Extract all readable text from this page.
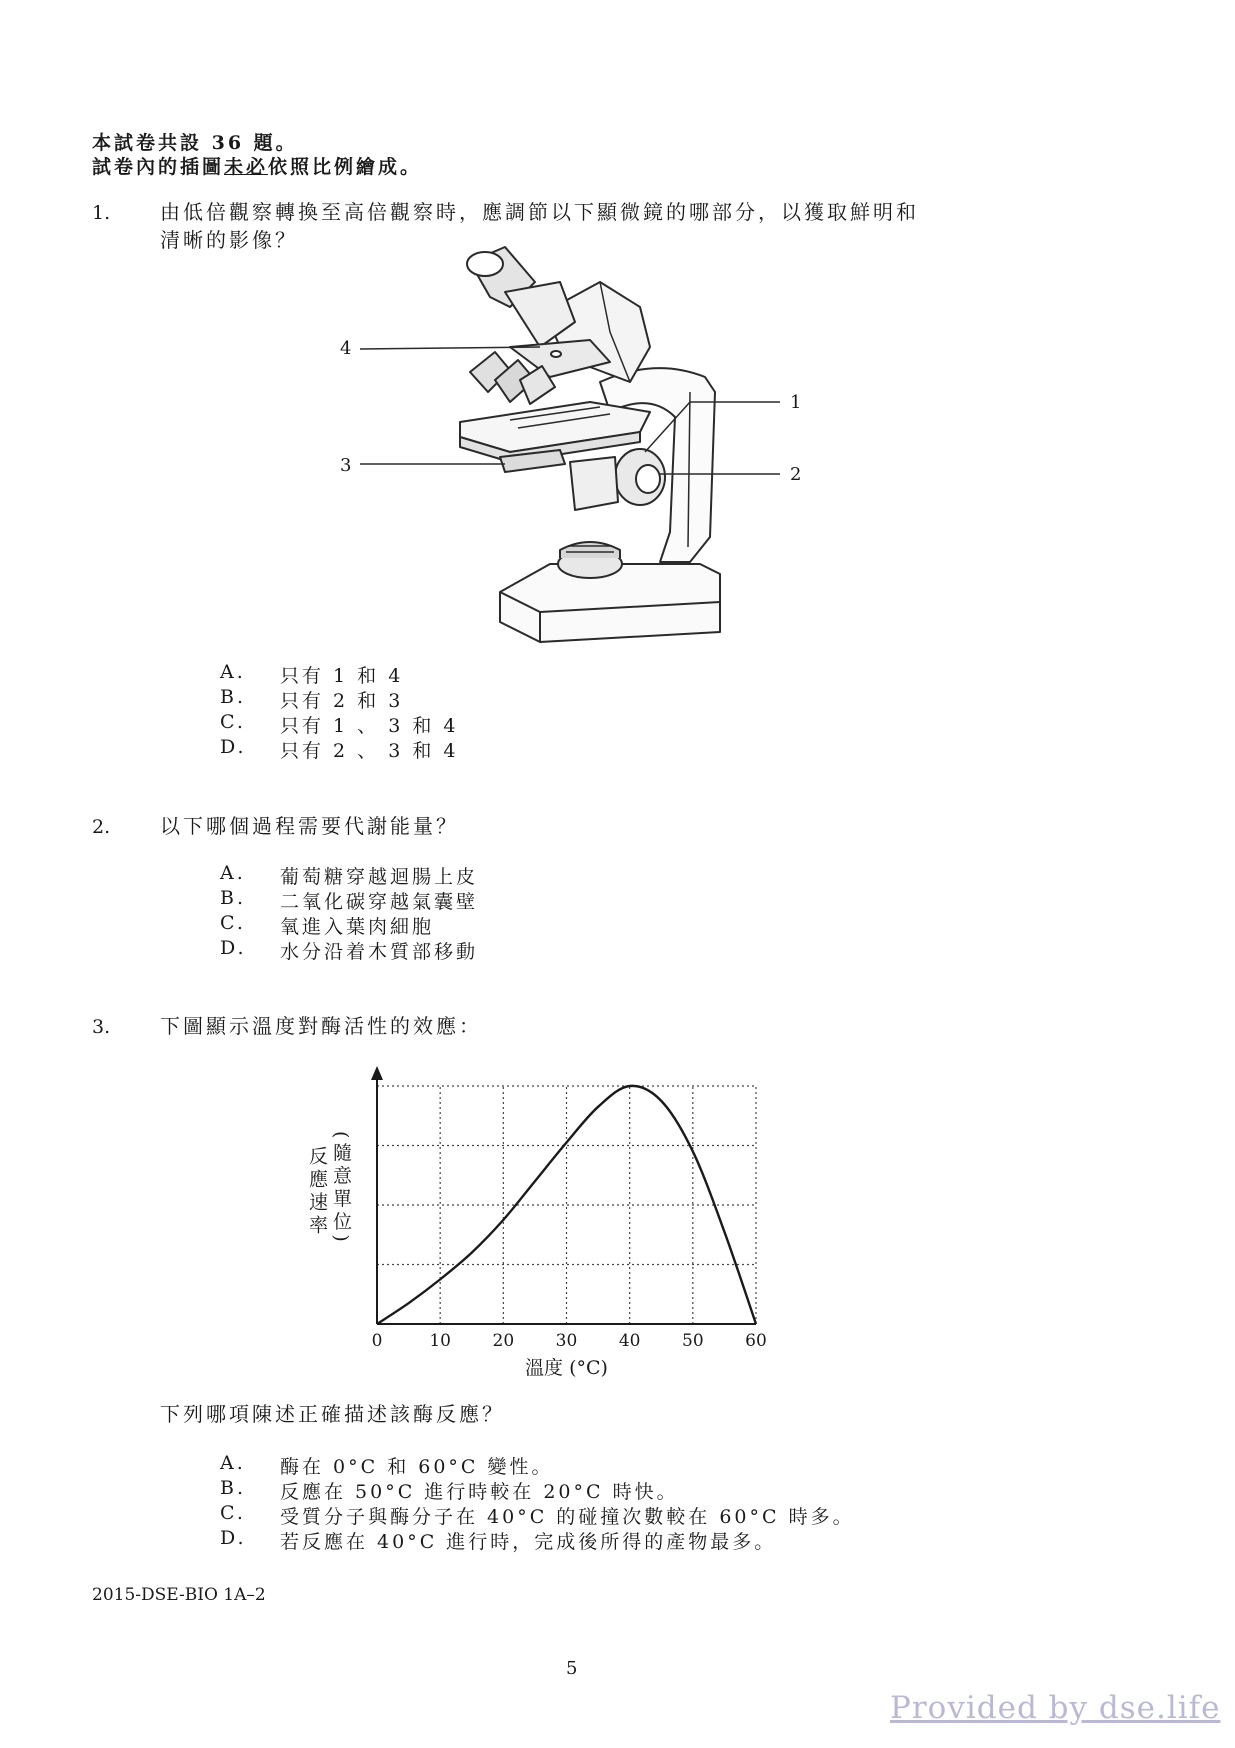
本試卷共設 36 題。
試卷內的插圖未必依照比例繪成。
1. 由低倍觀察轉換至高倍觀察時，應調節以下顯微鏡的哪部分，以獲取鮮明和
清晰的影像？
4
3
1
2
A. 只有 1 和 4
B. 只有 2 和 3
C. 只有 1 、 3 和 4
D. 只有 2 、 3 和 4
2. 以下哪個過程需要代謝能量？
A. 葡萄糖穿越迴腸上皮
B. 二氧化碳穿越氣囊壁
C. 氧進入葉肉細胞
D. 水分沿着木質部移動
3. 下圖顯示溫度對酶活性的效應：
0	10 20 30 40 50 60
溫度 (°C)
反應速率 (隨意單位)
下列哪項陳述正確描述該酶反應？
A. 酶在 0°C 和 60°C 變性。
B. 反應在 50°C 進行時較在 20°C 時快。
C. 受質分子與酶分子在 40°C 的碰撞次數較在 60°C 時多。
D. 若反應在 40°C 進行時，完成後所得的產物最多。
2015-DSE-BIO 1A–2
5
Provided by dse.life
